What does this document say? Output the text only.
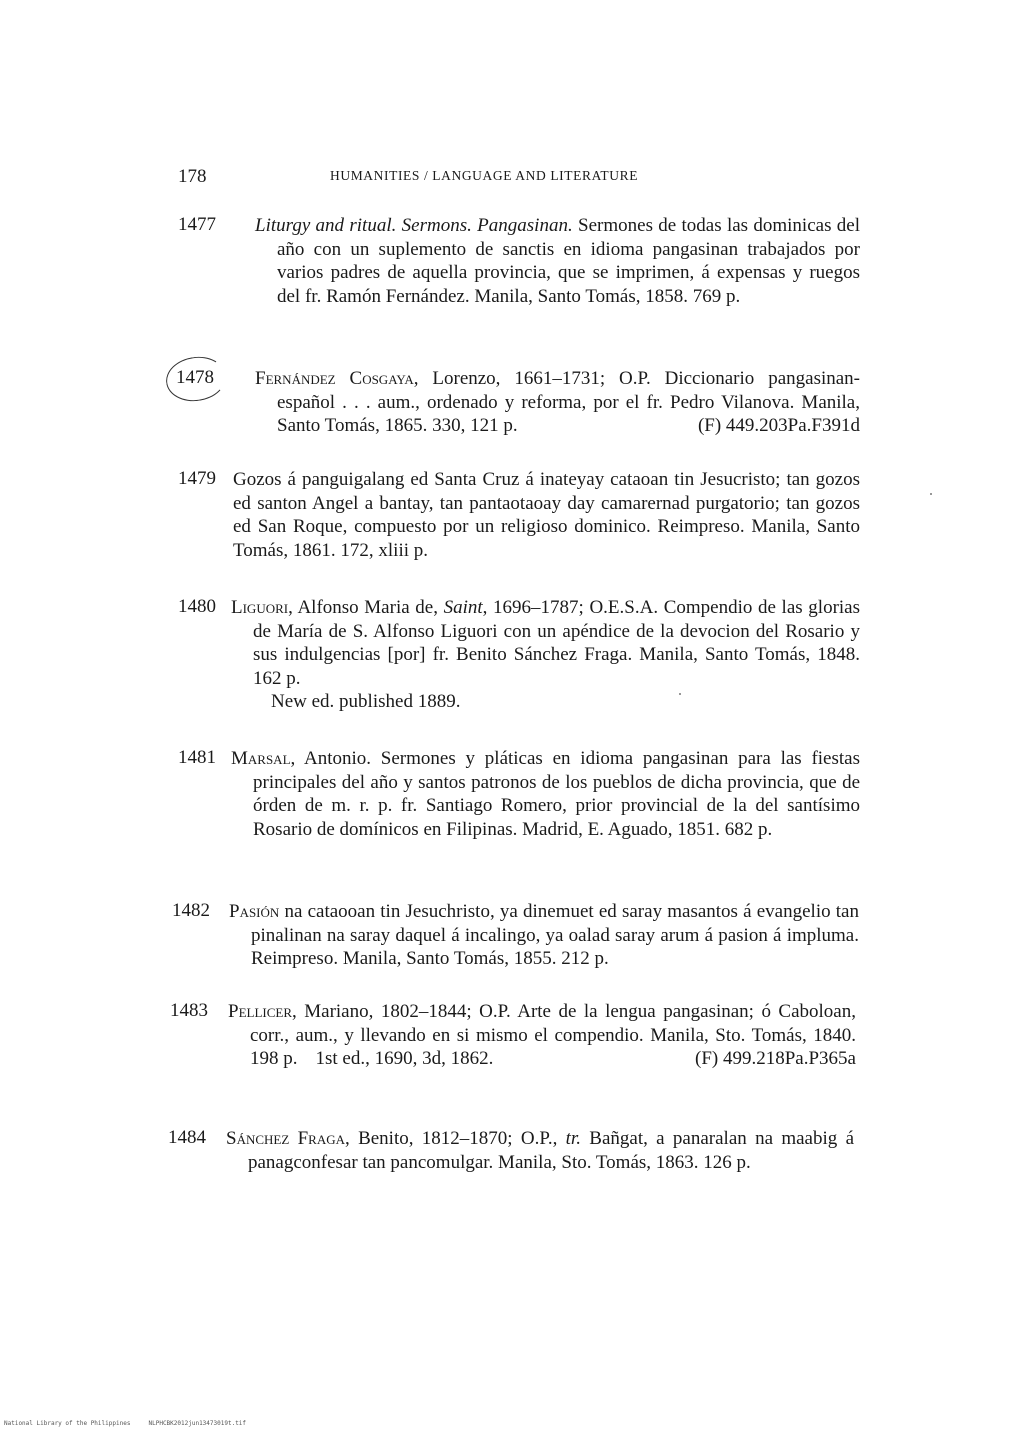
178	HUMANITIES / LANGUAGE AND LITERATURE
1477 Liturgy and ritual. Sermons. Pangasinan. Sermones de todas las dominicas del año con un suplemento de sanctis en idioma pangasinan trabajados por varios padres de aquella provincia, que se imprimen, á expensas y ruegos del fr. Ramón Fernández. Manila, Santo Tomás, 1858. 769 p.
1478 Fernández Cosgaya, Lorenzo, 1661–1731; O.P. Diccionario pangasinan-español . . . aum., ordenado y reforma, por el fr. Pedro Vilanova. Manila, Santo Tomás, 1865. 330, 121 p.	(F) 449.203Pa.F391d
1479 Gozos á panguigalang ed Santa Cruz á inateyay cataoan tin Jesucristo; tan gozos ed santon Angel a bantay, tan pantaotaoay day camarernad purgatorio; tan gozos ed San Roque, compuesto por un religioso dominico. Reimpreso. Manila, Santo Tomás, 1861. 172, xliii p.
1480 Liguori, Alfonso Maria de, Saint, 1696–1787; O.E.S.A. Compendio de las glorias de María de S. Alfonso Liguori con un apéndice de la devocion del Rosario y sus indulgencias [por] fr. Benito Sánchez Fraga. Manila, Santo Tomás, 1848. 162 p.
New ed. published 1889.
1481 Marsal, Antonio. Sermones y pláticas en idioma pangasinan para las fiestas principales del año y santos patronos de los pueblos de dicha provincia, que de órden de m. r. p. fr. Santiago Romero, prior provincial de la del santísimo Rosario de domínicos en Filipinas. Madrid, E. Aguado, 1851. 682 p.
1482 Pasión na cataooan tin Jesuchristo, ya dinemuet ed saray masantos á evangelio tan pinalinan na saray daquel á incalingo, ya oalad saray arum á pasion á impluma. Reimpreso. Manila, Santo Tomás, 1855. 212 p.
1483 Pellicer, Mariano, 1802–1844; O.P. Arte de la lengua pangasinan; ó Caboloan, corr., aum., y llevando en si mismo el compendio. Manila, Sto. Tomás, 1840. 198 p. 1st ed., 1690, 3d, 1862.	(F) 499.218Pa.P365a
1484 Sánchez Fraga, Benito, 1812–1870; O.P., tr. Bañgat, a panaralan na maabig á panagconfesar tan pancomulgar. Manila, Sto. Tomás, 1863. 126 p.
National Library of the Philippines     NLPHCBK2012jun13473019t.tif
